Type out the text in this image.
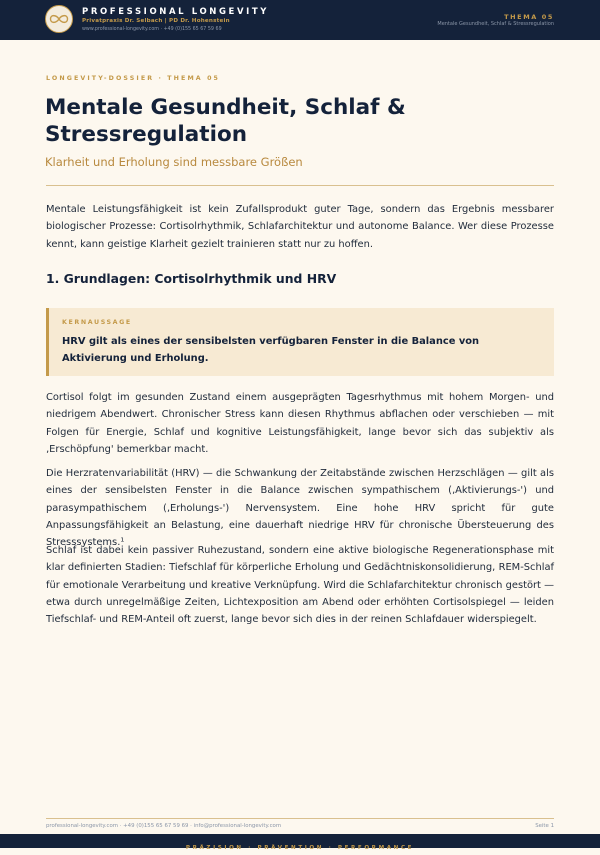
PROFESSIONAL LONGEVITY
Privatpraxis Dr. Selbach | PD Dr. Hohenstein
www.professional-longevity.com · +49 (0)155 65 67 59 69
THEMA 05
Mentale Gesundheit, Schlaf & Stressregulation
LONGEVITY-DOSSIER · THEMA 05
Mentale Gesundheit, Schlaf & Stressregulation
Klarheit und Erholung sind messbare Größen

Mentale Leistungsfähigkeit ist kein Zufallsprodukt guter Tage, sondern das Ergebnis messbarer biologischer Prozesse: Cortisolrhythmik, Schlafarchitektur und autonome Balance. Wer diese Prozesse kennt, kann geistige Klarheit gezielt trainieren statt nur zu hoffen.

1. Grundlagen: Cortisolrhythmik und HRV
KERNAUSSAGE

HRV gilt als eines der sensibelsten verfügbaren Fenster in die Balance von Aktivierung und Erholung.

Cortisol folgt im gesunden Zustand einem ausgeprägten Tagesrhythmus mit hohem Morgen- und niedrigem Abendwert. Chronischer Stress kann diesen Rhythmus abflachen oder verschieben — mit Folgen für Energie, Schlaf und kognitive Leistungsfähigkeit, lange bevor sich das subjektiv als ‚Erschöpfung' bemerkbar macht.

Die Herzratenvariabilität (HRV) — die Schwankung der Zeitabstände zwischen Herzschlägen — gilt als eines der sensibelsten Fenster in die Balance zwischen sympathischem (‚Aktivierungs-') und parasympathischem (‚Erholungs-') Nervensystem. Eine hohe HRV spricht für gute Anpassungsfähigkeit an Belastung, eine dauerhaft niedrige HRV für chronische Übersteuerung des Stresssystems.¹

Schlaf ist dabei kein passiver Ruhezustand, sondern eine aktive biologische Regenerationsphase mit klar definierten Stadien: Tiefschlaf für körperliche Erholung und Gedächtniskonsolidierung, REM-Schlaf für emotionale Verarbeitung und kreative Verknüpfung. Wird die Schlafarchitektur chronisch gestört — etwa durch unregelmäßige Zeiten, Lichtexposition am Abend oder erhöhten Cortisolspiegel — leiden Tiefschlaf- und REM-Anteil oft zuerst, lange bevor sich dies in der reinen Schlafdauer widerspiegelt.

professional-longevity.com · +49 (0)155 65 67 59 69 · info@professional-longevity.com	Seite 1
PRÄZISION · PRÄVENTION · PERFORMANCE
